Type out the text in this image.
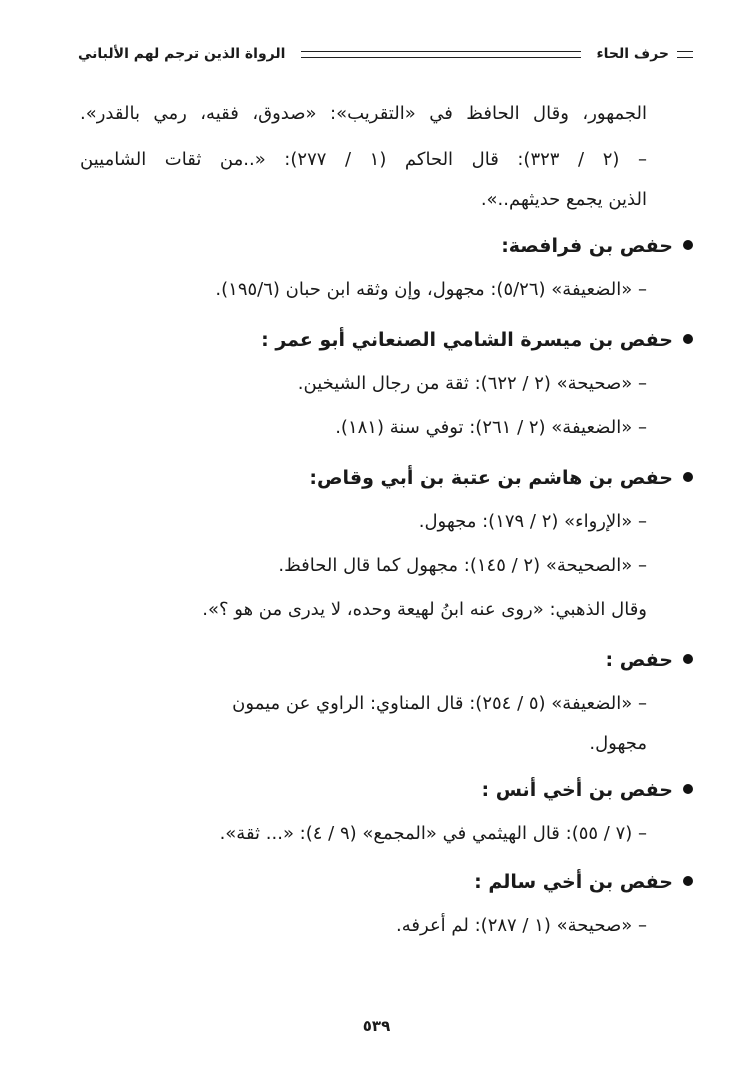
حرف الحاء
الرواة الذين ترجم لهم الألباني
الجمهور، وقال الحافظ في «التقريب»: «صدوق، فقيه، رمي بالقدر».
– (٢ / ٣٢٣): قال الحاكم (١ / ٢٧٧): «..من ثقات الشاميين
الذين يجمع حديثهم..».
حفص بن فرافصة:
– «الضعيفة» (٥/٢٦): مجهول، وإن وثقه ابن حبان (١٩٥/٦).
حفص بن ميسرة الشامي الصنعاني أبو عمر :
– «صحيحة» (٢ / ٦٢٢): ثقة من رجال الشيخين.
– «الضعيفة» (٢ / ٢٦١): توفي سنة (١٨١).
حفص بن هاشم بن عتبة بن أبي وقاص:
– «الإرواء» (٢ / ١٧٩): مجهول.
– «الصحيحة» (٢ / ١٤٥): مجهول كما قال الحافظ.
وقال الذهبي: «روى عنه ابنُ لهيعة وحده، لا يدرى من هو ؟».
حفص :
– «الضعيفة» (٥ / ٢٥٤): قال المناوي: الراوي عن ميمون
مجهول.
حفص بن أخي أنس :
– (٧ / ٥٥): قال الهيثمي في «المجمع» (٩ / ٤): «... ثقة».
حفص بن أخي سالم :
– «صحيحة» (١ / ٢٨٧): لم أعرفه.
٥٣٩
